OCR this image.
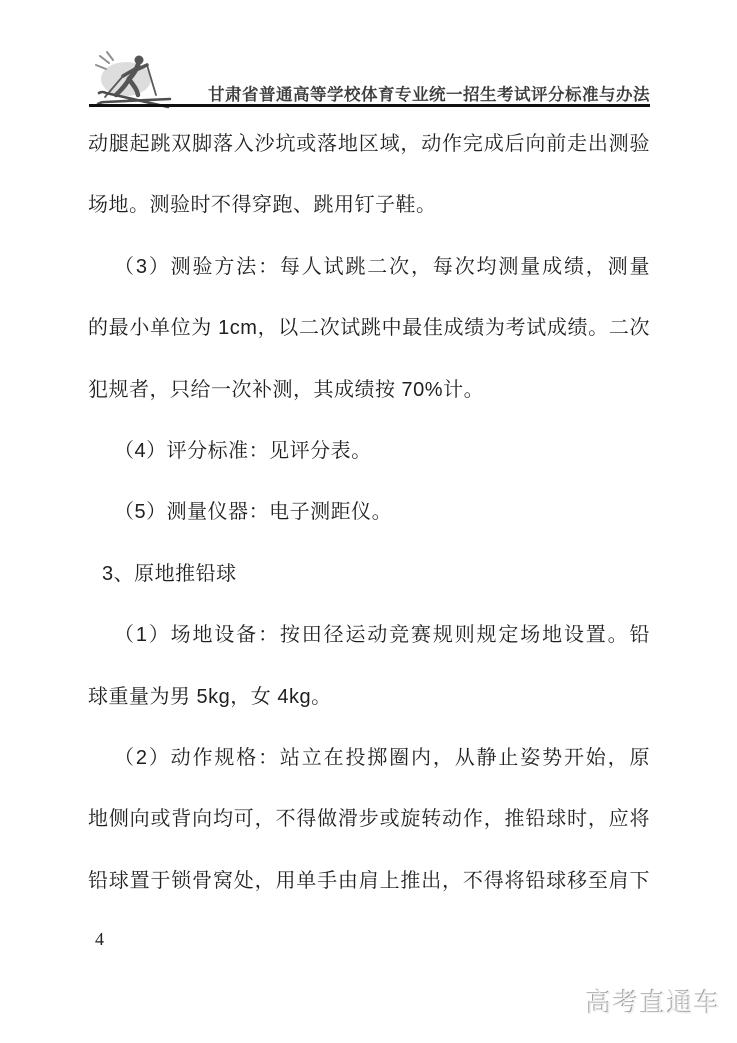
甘肃省普通高等学校体育专业统一招生考试评分标准与办法
动腿起跳双脚落入沙坑或落地区域，动作完成后向前走出测验
场地。测验时不得穿跑、跳用钉子鞋。
（3）测验方法：每人试跳二次，每次均测量成绩，测量
的最小单位为 1cm，以二次试跳中最佳成绩为考试成绩。二次
犯规者，只给一次补测，其成绩按 70%计。
（4）评分标准：见评分表。
（5）测量仪器：电子测距仪。
3、原地推铅球
（1）场地设备：按田径运动竞赛规则规定场地设置。铅
球重量为男 5kg，女 4kg。
（2）动作规格：站立在投掷圈内，从静止姿势开始，原
地侧向或背向均可，不得做滑步或旋转动作，推铅球时，应将
铅球置于锁骨窝处，用单手由肩上推出，不得将铅球移至肩下
4
高考直通车
